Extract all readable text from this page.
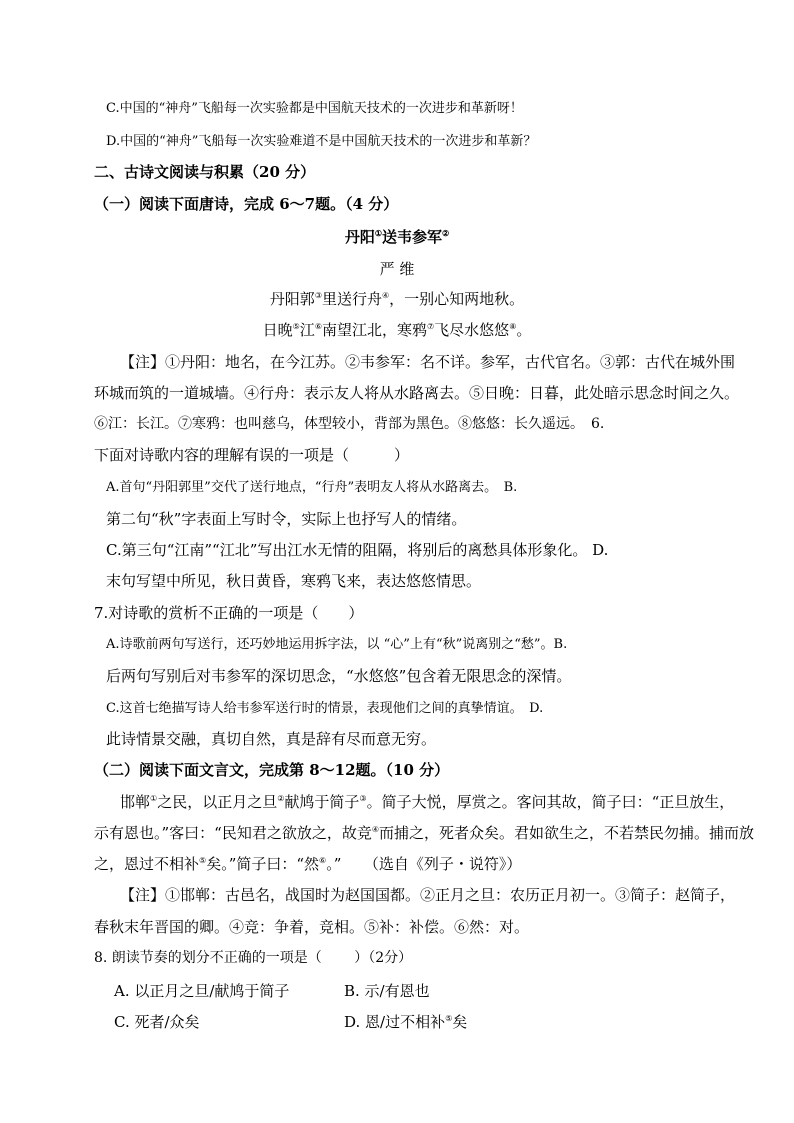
C.中国的“神舟”飞船每一次实验都是中国航天技术的一次进步和革新呀！
D.中国的“神舟”飞船每一次实验难道不是中国航天技术的一次进步和革新？
二、古诗文阅读与积累（20 分）
（一）阅读下面唐诗，完成 6～7题。（4 分）
丹阳①送韦参军②
严 维
丹阳郭③里送行舟④，一别心知两地秋。
日晚⑤江⑥南望江北，寒鸦⑦飞尽水悠悠⑧。
【注】①丹阳：地名，在今江苏。②韦参军：名不详。参军，古代官名。③郭：古代在城外围
环城而筑的一道城墙。④行舟：表示友人将从水路离去。⑤日晚：日暮，此处暗示思念时间之久。
⑥江：长江。⑦寒鸦：也叫慈乌，体型较小，背部为黑色。⑧悠悠：长久遥远。　6.
下面对诗歌内容的理解有误的一项是（　　　）
A.首句“丹阳郭里”交代了送行地点，“行舟”表明友人将从水路离去。　B.
第二句“秋”字表面上写时令，实际上也抒写人的情绪。
C.第三句“江南”“江北”写出江水无情的阻隔，将别后的离愁具体形象化。 D.
末句写望中所见，秋日黄昏，寒鸦飞来，表达悠悠情思。
7.对诗歌的赏析不正确的一项是（　　）
A.诗歌前两句写送行，还巧妙地运用拆字法，以 “心”上有“秋”说离别之“愁”。B.
后两句写别后对韦参军的深切思念，“水悠悠”包含着无限思念的深情。
C.这首七绝描写诗人给韦参军送行时的情景，表现他们之间的真挚情谊。　D.
此诗情景交融，真切自然，真是辞有尽而意无穷。
（二）阅读下面文言文，完成第 8～12题。（10 分）
邯郸①之民，以正月之旦②献鸠于简子③。简子大悦，厚赏之。客问其故，简子曰：“正旦放生，
示有恩也。”客曰：“民知君之欲放之，故竞④而捕之，死者众矣。君如欲生之，不若禁民勿捕。捕而放
之，恩过不相补⑤矣。”简子曰：“然⑥。”　　（选自《列子・说符》）
【注】①邯郸：古邑名，战国时为赵国国都。②正月之旦：农历正月初一。③简子：赵简子，
春秋末年晋国的卿。④竞：争着，竞相。⑤补：补偿。⑥然：对。
8. 朗读节奏的划分不正确的一项是（　　 ）（2分）
A. 以正月之旦/献鸠于简子	B. 示/有恩也
C. 死者/众矣	D. 恩/过不相补⑤矣
